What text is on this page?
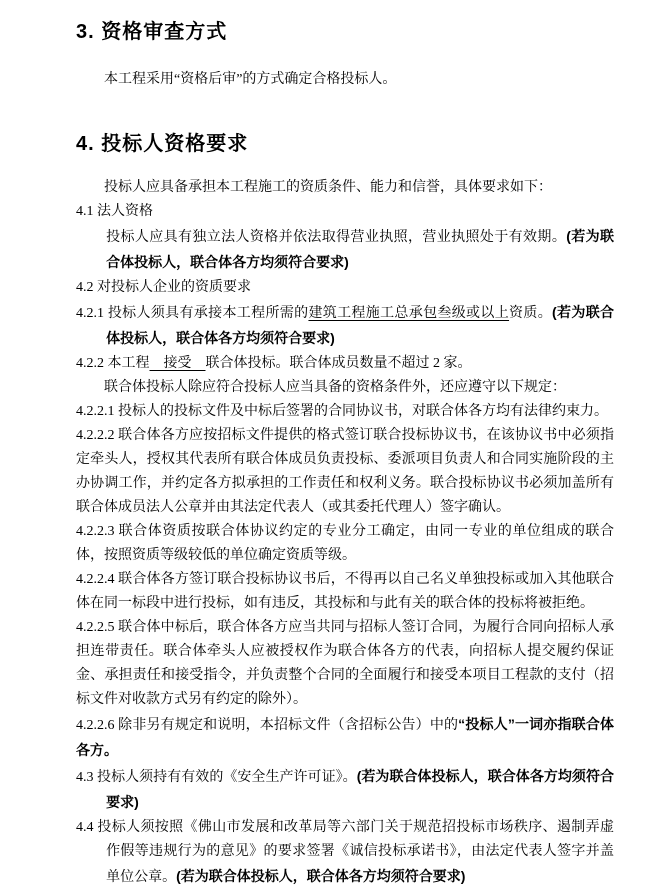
3. 资格审查方式
本工程采用“资格后审”的方式确定合格投标人。
4. 投标人资格要求
投标人应具备承担本工程施工的资质条件、能力和信誉，具体要求如下：
4.1 法人资格
投标人应具有独立法人资格并依法取得营业执照，营业执照处于有效期。(若为联合体投标人，联合体各方均须符合要求)
4.2 对投标人企业的资质要求
4.2.1 投标人须具有承接本工程所需的建筑工程施工总承包叁级或以上资质。(若为联合体投标人，联合体各方均须符合要求)
4.2.2 本工程　接受　联合体投标。联合体成员数量不超过 2 家。
联合体投标人除应符合投标人应当具备的资格条件外，还应遵守以下规定：
4.2.2.1 投标人的投标文件及中标后签署的合同协议书，对联合体各方均有法律约束力。
4.2.2.2 联合体各方应按招标文件提供的格式签订联合投标协议书，在该协议书中必须指定牵头人，授权其代表所有联合体成员负责投标、委派项目负责人和合同实施阶段的主办协调工作，并约定各方拟承担的工作责任和权利义务。联合投标协议书必须加盖所有联合体成员法人公章并由其法定代表人（或其委托代理人）签字确认。
4.2.2.3 联合体资质按联合体协议约定的专业分工确定，由同一专业的单位组成的联合体，按照资质等级较低的单位确定资质等级。
4.2.2.4 联合体各方签订联合投标协议书后，不得再以自己名义单独投标或加入其他联合体在同一标段中进行投标，如有违反，其投标和与此有关的联合体的投标将被拒绝。
4.2.2.5 联合体中标后，联合体各方应当共同与招标人签订合同，为履行合同向招标人承担连带责任。联合体牵头人应被授权作为联合体各方的代表，向招标人提交履约保证金、承担责任和接受指令，并负责整个合同的全面履行和接受本项目工程款的支付（招标文件对收款方式另有约定的除外）。
4.2.2.6 除非另有规定和说明，本招标文件（含招标公告）中的“投标人”一词亦指联合体各方。
4.3 投标人须持有有效的《安全生产许可证》。(若为联合体投标人，联合体各方均须符合要求)
4.4 投标人须按照《佛山市发展和改革局等六部门关于规范招投标市场秩序、遏制弄虚作假等违规行为的意见》的要求签署《诚信投标承诺书》，由法定代表人签字并盖单位公章。(若为联合体投标人，联合体各方均须符合要求)
